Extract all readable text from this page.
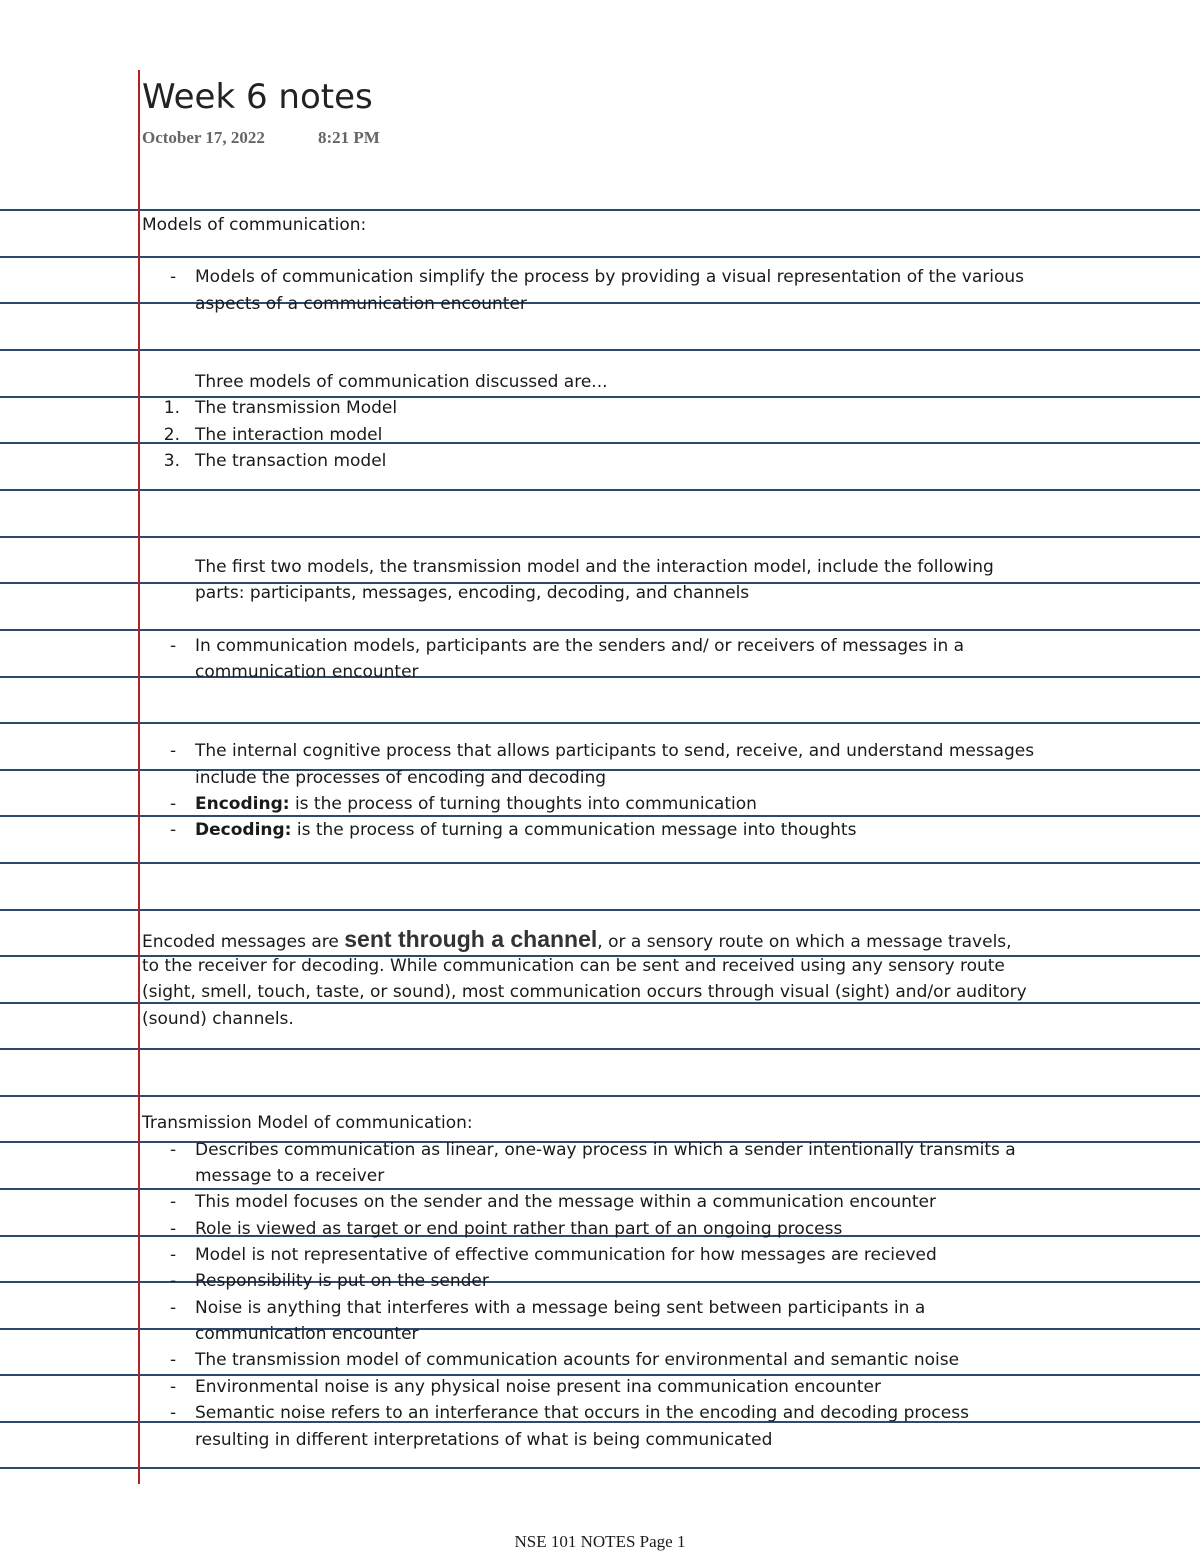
Week 6 notes
October 17, 2022	8:21 PM
Models of communication:
- Models of communication simplify the process by providing a visual representation of the various
aspects of a communication encounter
Three models of communication discussed are...
1. The transmission Model
2. The interaction model
3. The transaction model
The first two models, the transmission model and the interaction model, include the following
parts: participants, messages, encoding, decoding, and channels
- In communication models, participants are the senders and/ or receivers of messages in a
communication encounter
- The internal cognitive process that allows participants to send, receive, and understand messages
include the processes of encoding and decoding
- Encoding: is the process of turning thoughts into communication
- Decoding: is the process of turning a communication message into thoughts
Encoded messages are sent through a channel, or a sensory route on which a message travels,
to the receiver for decoding. While communication can be sent and received using any sensory route
(sight, smell, touch, taste, or sound), most communication occurs through visual (sight) and/or auditory
(sound) channels.
Transmission Model of communication:
- Describes communication as linear, one-way process in which a sender intentionally transmits a
message to a receiver
- This model focuses on the sender and the message within a communication encounter
- Role is viewed as target or end point rather than part of an ongoing process
- Model is not representative of effective communication for how messages are recieved
- Responsibility is put on the sender
- Noise is anything that interferes with a message being sent between participants in a
communication encounter
- The transmission model of communication acounts for environmental and semantic noise
- Environmental noise is any physical noise present ina communication encounter
- Semantic noise refers to an interferance that occurs in the encoding and decoding process
resulting in different interpretations of what is being communicated
NSE 101 NOTES Page 1
